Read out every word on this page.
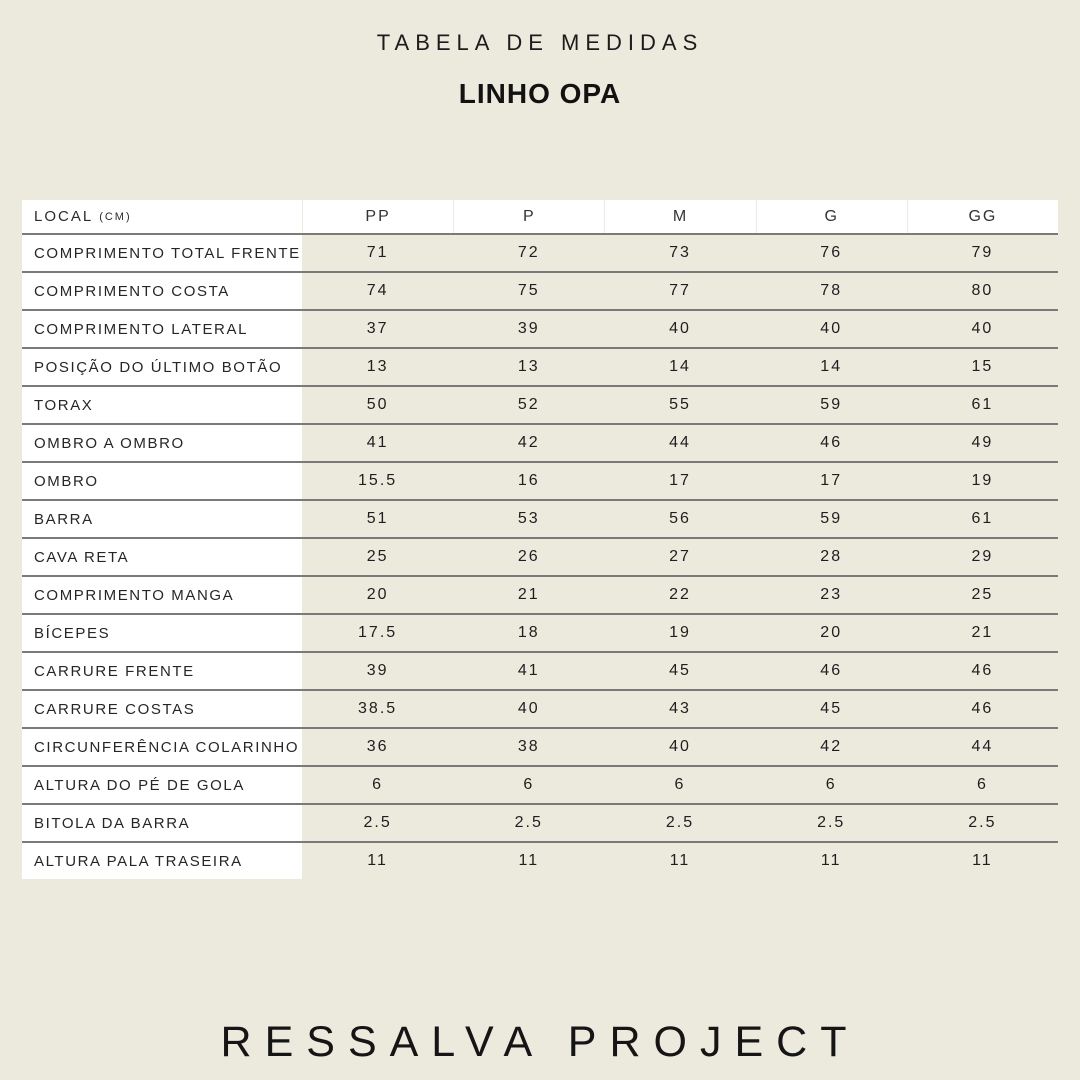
TABELA DE MEDIDAS
LINHO OPA
LOCAL (CM)	PP	P	M	G	GG
COMPRIMENTO TOTAL FRENTE	71	72	73	76	79
COMPRIMENTO COSTA	74	75	77	78	80
COMPRIMENTO LATERAL	37	39	40	40	40
POSIÇÃO DO ÚLTIMO BOTÃO	13	13	14	14	15
TORAX	50	52	55	59	61
OMBRO A OMBRO	41	42	44	46	49
OMBRO	15.5	16	17	17	19
BARRA	51	53	56	59	61
CAVA RETA	25	26	27	28	29
COMPRIMENTO MANGA	20	21	22	23	25
BÍCEPES	17.5	18	19	20	21
CARRURE FRENTE	39	41	45	46	46
CARRURE COSTAS	38.5	40	43	45	46
CIRCUNFERÊNCIA COLARINHO	36	38	40	42	44
ALTURA DO PÉ DE GOLA	6	6	6	6	6
BITOLA DA BARRA	2.5	2.5	2.5	2.5	2.5
ALTURA PALA TRASEIRA	11	11	11	11	11
RESSALVA PROJECT
